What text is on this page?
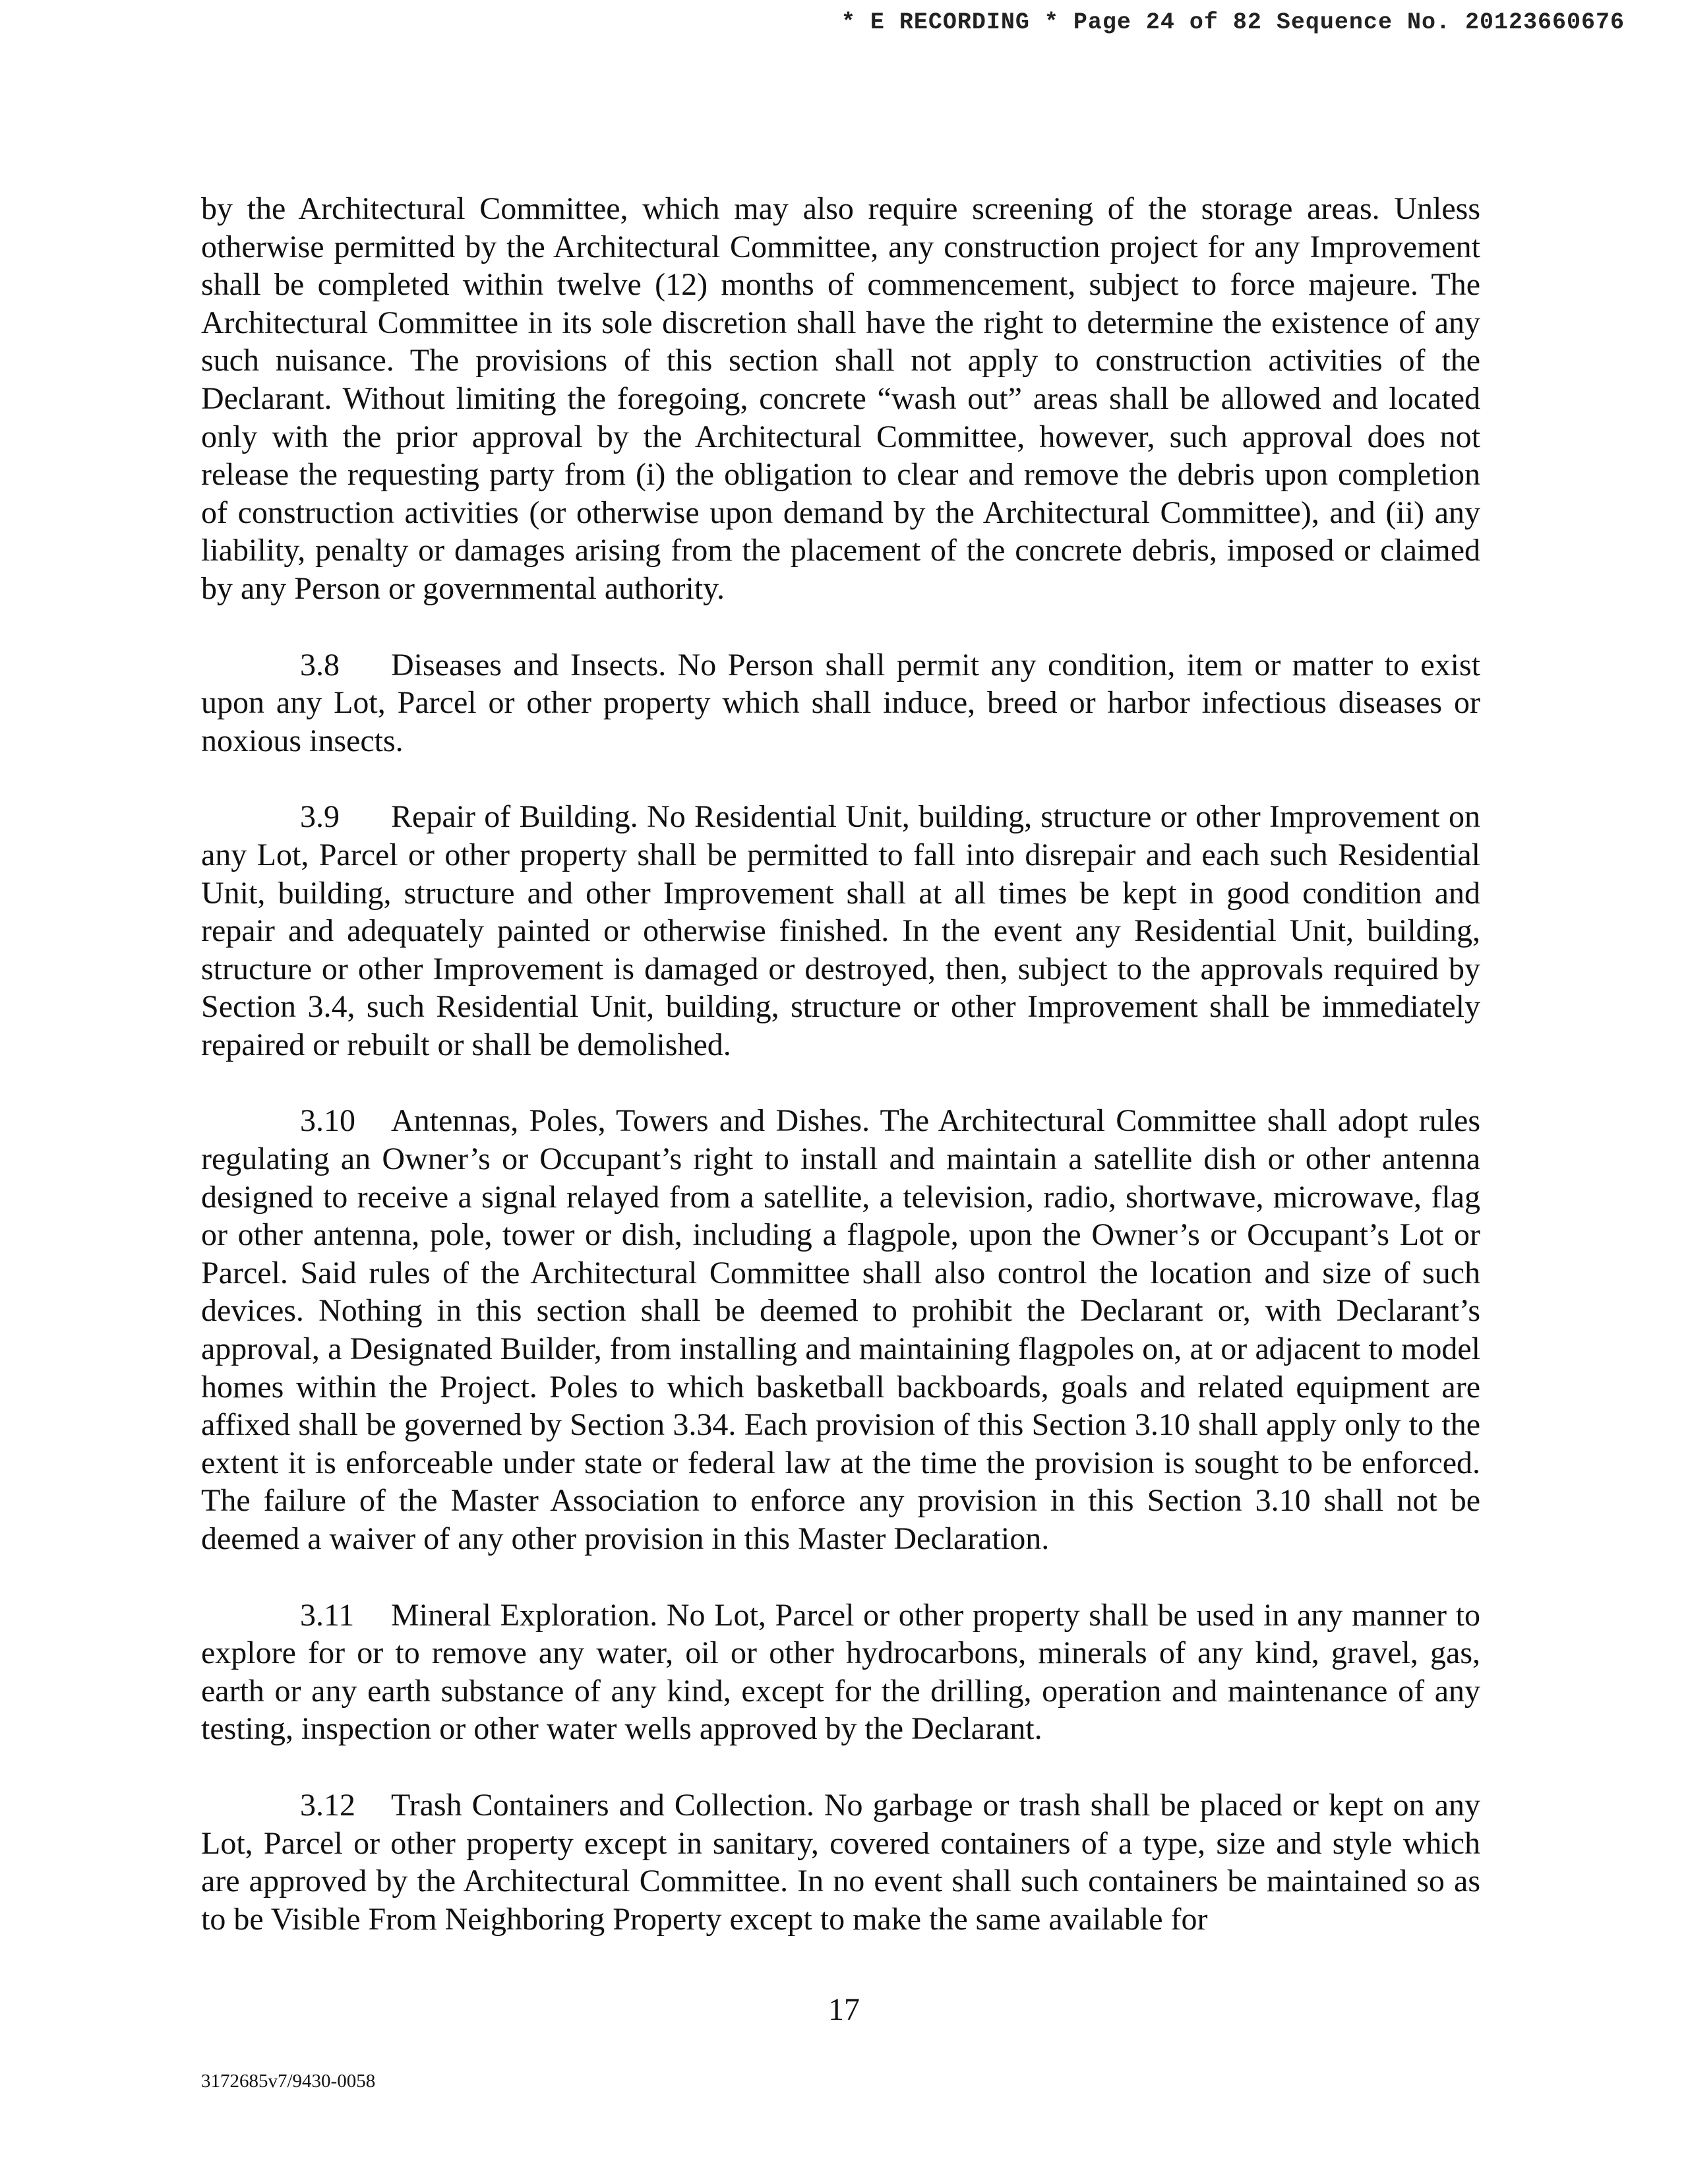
* E RECORDING * Page 24 of 82 Sequence No. 20123660676

by the Architectural Committee, which may also require screening of the storage areas. Unless otherwise permitted by the Architectural Committee, any construction project for any Improvement shall be completed within twelve (12) months of commencement, subject to force majeure. The Architectural Committee in its sole discretion shall have the right to determine the existence of any such nuisance. The provisions of this section shall not apply to construction activities of the Declarant. Without limiting the foregoing, concrete “wash out” areas shall be allowed and located only with the prior approval by the Architectural Committee, however, such approval does not release the requesting party from (i) the obligation to clear and remove the debris upon completion of construction activities (or otherwise upon demand by the Architectural Committee), and (ii) any liability, penalty or damages arising from the placement of the concrete debris, imposed or claimed by any Person or governmental authority.

3.8 Diseases and Insects. No Person shall permit any condition, item or matter to exist upon any Lot, Parcel or other property which shall induce, breed or harbor infectious diseases or noxious insects.

3.9 Repair of Building. No Residential Unit, building, structure or other Improvement on any Lot, Parcel or other property shall be permitted to fall into disrepair and each such Residential Unit, building, structure and other Improvement shall at all times be kept in good condition and repair and adequately painted or otherwise finished. In the event any Residential Unit, building, structure or other Improvement is damaged or destroyed, then, subject to the approvals required by Section 3.4, such Residential Unit, building, structure or other Improvement shall be immediately repaired or rebuilt or shall be demolished.

3.10 Antennas, Poles, Towers and Dishes. The Architectural Committee shall adopt rules regulating an Owner’s or Occupant’s right to install and maintain a satellite dish or other antenna designed to receive a signal relayed from a satellite, a television, radio, shortwave, microwave, flag or other antenna, pole, tower or dish, including a flagpole, upon the Owner’s or Occupant’s Lot or Parcel. Said rules of the Architectural Committee shall also control the location and size of such devices. Nothing in this section shall be deemed to prohibit the Declarant or, with Declarant’s approval, a Designated Builder, from installing and maintaining flagpoles on, at or adjacent to model homes within the Project. Poles to which basketball backboards, goals and related equipment are affixed shall be governed by Section 3.34. Each provision of this Section 3.10 shall apply only to the extent it is enforceable under state or federal law at the time the provision is sought to be enforced. The failure of the Master Association to enforce any provision in this Section 3.10 shall not be deemed a waiver of any other provision in this Master Declaration.

3.11 Mineral Exploration. No Lot, Parcel or other property shall be used in any manner to explore for or to remove any water, oil or other hydrocarbons, minerals of any kind, gravel, gas, earth or any earth substance of any kind, except for the drilling, operation and maintenance of any testing, inspection or other water wells approved by the Declarant.

3.12 Trash Containers and Collection. No garbage or trash shall be placed or kept on any Lot, Parcel or other property except in sanitary, covered containers of a type, size and style which are approved by the Architectural Committee. In no event shall such containers be maintained so as to be Visible From Neighboring Property except to make the same available for

17
3172685v7/9430-0058
